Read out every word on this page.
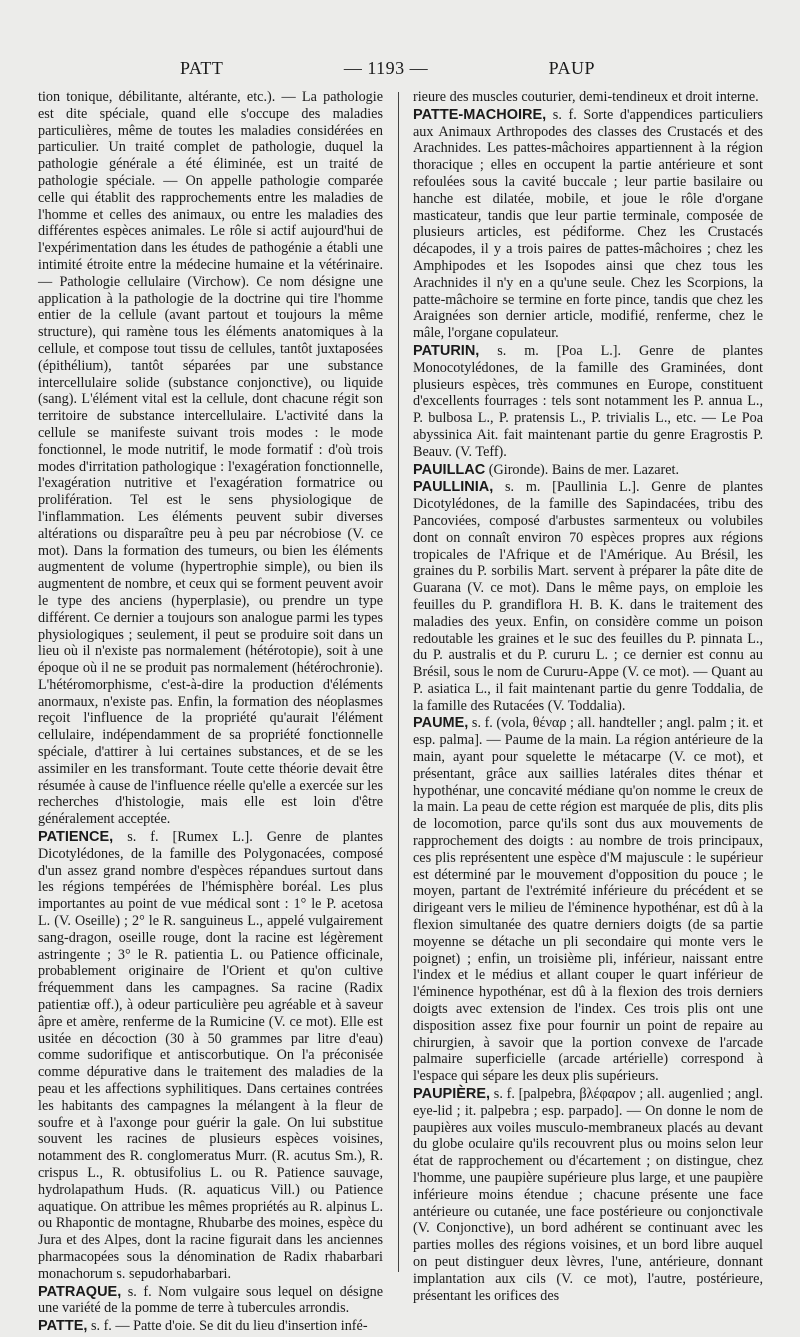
PATT	— 1193 —	PAUP

tion tonique, débilitante, altérante, etc.). — La pathologie est dite spéciale, quand elle s'occupe des maladies particulières, même de toutes les maladies considérées en particulier. Un traité complet de pathologie, duquel la pathologie générale a été éliminée, est un traité de pathologie spéciale. — On appelle pathologie comparée celle qui établit des rapprochements entre les maladies de l'homme et celles des animaux, ou entre les maladies des différentes espèces animales. Le rôle si actif aujourd'hui de l'expérimentation dans les études de pathogénie a établi une intimité étroite entre la médecine humaine et la vétérinaire. — Pathologie cellulaire (Virchow). Ce nom désigne une application à la pathologie de la doctrine qui tire l'homme entier de la cellule (avant partout et toujours la même structure), qui ramène tous les éléments anatomiques à la cellule, et compose tout tissu de cellules, tantôt juxtaposées (épithélium), tantôt séparées par une substance intercellulaire solide (substance conjonctive), ou liquide (sang). L'élément vital est la cellule, dont chacune régit son territoire de substance intercellulaire. L'activité dans la cellule se manifeste suivant trois modes : le mode fonctionnel, le mode nutritif, le mode formatif : d'où trois modes d'irritation pathologique : l'exagération fonctionnelle, l'exagération nutritive et l'exagération formatrice ou prolifération. Tel est le sens physiologique de l'inflammation. Les éléments peuvent subir diverses altérations ou disparaître peu à peu par nécrobiose (V. ce mot). Dans la formation des tumeurs, ou bien les éléments augmentent de volume (hypertrophie simple), ou bien ils augmentent de nombre, et ceux qui se forment peuvent avoir le type des anciens (hyperplasie), ou prendre un type différent. Ce dernier a toujours son analogue parmi les types physiologiques ; seulement, il peut se produire soit dans un lieu où il n'existe pas normalement (hétérotopie), soit à une époque où il ne se produit pas normalement (hétérochronie). L'hétéromorphisme, c'est-à-dire la production d'éléments anormaux, n'existe pas. Enfin, la formation des néoplasmes reçoit l'influence de la propriété qu'aurait l'élément cellulaire, indépendamment de sa propriété fonctionnelle spéciale, d'attirer à lui certaines substances, et de se les assimiler en les transformant. Toute cette théorie devait être résumée à cause de l'influence réelle qu'elle a exercée sur les recherches d'histologie, mais elle est loin d'être généralement acceptée.

PATIENCE, s. f. [Rumex L.]. Genre de plantes Dicotylédones, de la famille des Polygonacées, composé d'un assez grand nombre d'espèces répandues surtout dans les régions tempérées de l'hémisphère boréal. Les plus importantes au point de vue médical sont : 1° le P. acetosa L. (V. Oseille) ; 2° le R. sanguineus L., appelé vulgairement sang-dragon, oseille rouge, dont la racine est légèrement astringente ; 3° le R. patientia L. ou Patience officinale, probablement originaire de l'Orient et qu'on cultive fréquemment dans les campagnes. Sa racine (Radix patientiæ off.), à odeur particulière peu agréable et à saveur âpre et amère, renferme de la Rumicine (V. ce mot). Elle est usitée en décoction (30 à 50 grammes par litre d'eau) comme sudorifique et antiscorbutique. On l'a préconisée comme dépurative dans le traitement des maladies de la peau et les affections syphilitiques. Dans certaines contrées les habitants des campagnes la mélangent à la fleur de soufre et à l'axonge pour guérir la gale. On lui substitue souvent les racines de plusieurs espèces voisines, notamment des R. conglomeratus Murr. (R. acutus Sm.), R. crispus L., R. obtusifolius L. ou R. Patience sauvage, hydrolapathum Huds. (R. aquaticus Vill.) ou Patience aquatique. On attribue les mêmes propriétés au R. alpinus L. ou Rhapontic de montagne, Rhubarbe des moines, espèce du Jura et des Alpes, dont la racine figurait dans les anciennes pharmacopées sous la dénomination de Radix rhabarbari monachorum s. sepudorhabarbari.

PATRAQUE, s. f. Nom vulgaire sous lequel on désigne une variété de la pomme de terre à tubercules arrondis.

PATTE, s. f. — Patte d'oie. Se dit du lieu d'insertion infé-

rieure des muscles couturier, demi-tendineux et droit interne.

PATTE-MACHOIRE, s. f. Sorte d'appendices particuliers aux Animaux Arthropodes des classes des Crustacés et des Arachnides. Les pattes-mâchoires appartiennent à la région thoracique ; elles en occupent la partie antérieure et sont refoulées sous la cavité buccale ; leur partie basilaire ou hanche est dilatée, mobile, et joue le rôle d'organe masticateur, tandis que leur partie terminale, composée de plusieurs articles, est pédiforme. Chez les Crustacés décapodes, il y a trois paires de pattes-mâchoires ; chez les Amphipodes et les Isopodes ainsi que chez tous les Arachnides il n'y en a qu'une seule. Chez les Scorpions, la patte-mâchoire se termine en forte pince, tandis que chez les Araignées son dernier article, modifié, renferme, chez le mâle, l'organe copulateur.

PATURIN, s. m. [Poa L.]. Genre de plantes Monocotylédones, de la famille des Graminées, dont plusieurs espèces, très communes en Europe, constituent d'excellents fourrages : tels sont notamment les P. annua L., P. bulbosa L., P. pratensis L., P. trivialis L., etc. — Le Poa abyssinica Ait. fait maintenant partie du genre Eragrostis P. Beauv. (V. Teff).

PAUILLAC (Gironde). Bains de mer. Lazaret.

PAULLINIA, s. m. [Paullinia L.]. Genre de plantes Dicotylédones, de la famille des Sapindacées, tribu des Pancoviées, composé d'arbustes sarmenteux ou volubiles dont on connaît environ 70 espèces propres aux régions tropicales de l'Afrique et de l'Amérique. Au Brésil, les graines du P. sorbilis Mart. servent à préparer la pâte dite de Guarana (V. ce mot). Dans le même pays, on emploie les feuilles du P. grandiflora H. B. K. dans le traitement des maladies des yeux. Enfin, on considère comme un poison redoutable les graines et le suc des feuilles du P. pinnata L., du P. australis et du P. cururu L. ; ce dernier est connu au Brésil, sous le nom de Cururu-Appe (V. ce mot). — Quant au P. asiatica L., il fait maintenant partie du genre Toddalia, de la famille des Rutacées (V. Toddalia).

PAUME, s. f. (vola, θέναρ ; all. handteller ; angl. palm ; it. et esp. palma]. — Paume de la main. La région antérieure de la main, ayant pour squelette le métacarpe (V. ce mot), et présentant, grâce aux saillies latérales dites thénar et hypothénar, une concavité médiane qu'on nomme le creux de la main. La peau de cette région est marquée de plis, dits plis de locomotion, parce qu'ils sont dus aux mouvements de rapprochement des doigts : au nombre de trois principaux, ces plis représentent une espèce d'M majuscule : le supérieur est déterminé par le mouvement d'opposition du pouce ; le moyen, partant de l'extrémité inférieure du précédent et se dirigeant vers le milieu de l'éminence hypothénar, est dû à la flexion simultanée des quatre derniers doigts (de sa partie moyenne se détache un pli secondaire qui monte vers le poignet) ; enfin, un troisième pli, inférieur, naissant entre l'index et le médius et allant couper le quart inférieur de l'éminence hypothénar, est dû à la flexion des trois derniers doigts avec extension de l'index. Ces trois plis ont une disposition assez fixe pour fournir un point de repaire au chirurgien, à savoir que la portion convexe de l'arcade palmaire superficielle (arcade artérielle) correspond à l'espace qui sépare les deux plis supérieurs.

PAUPIÈRE, s. f. [palpebra, βλέφαρον ; all. augenlied ; angl. eye-lid ; it. palpebra ; esp. parpado]. — On donne le nom de paupières aux voiles musculo-membraneux placés au devant du globe oculaire qu'ils recouvrent plus ou moins selon leur état de rapprochement ou d'écartement ; on distingue, chez l'homme, une paupière supérieure plus large, et une paupière inférieure moins étendue ; chacune présente une face antérieure ou cutanée, une face postérieure ou conjonctivale (V. Conjonctive), un bord adhérent se continuant avec les parties molles des régions voisines, et un bord libre auquel on peut distinguer deux lèvres, l'une, antérieure, donnant implantation aux cils (V. ce mot), l'autre, postérieure, présentant les orifices des
